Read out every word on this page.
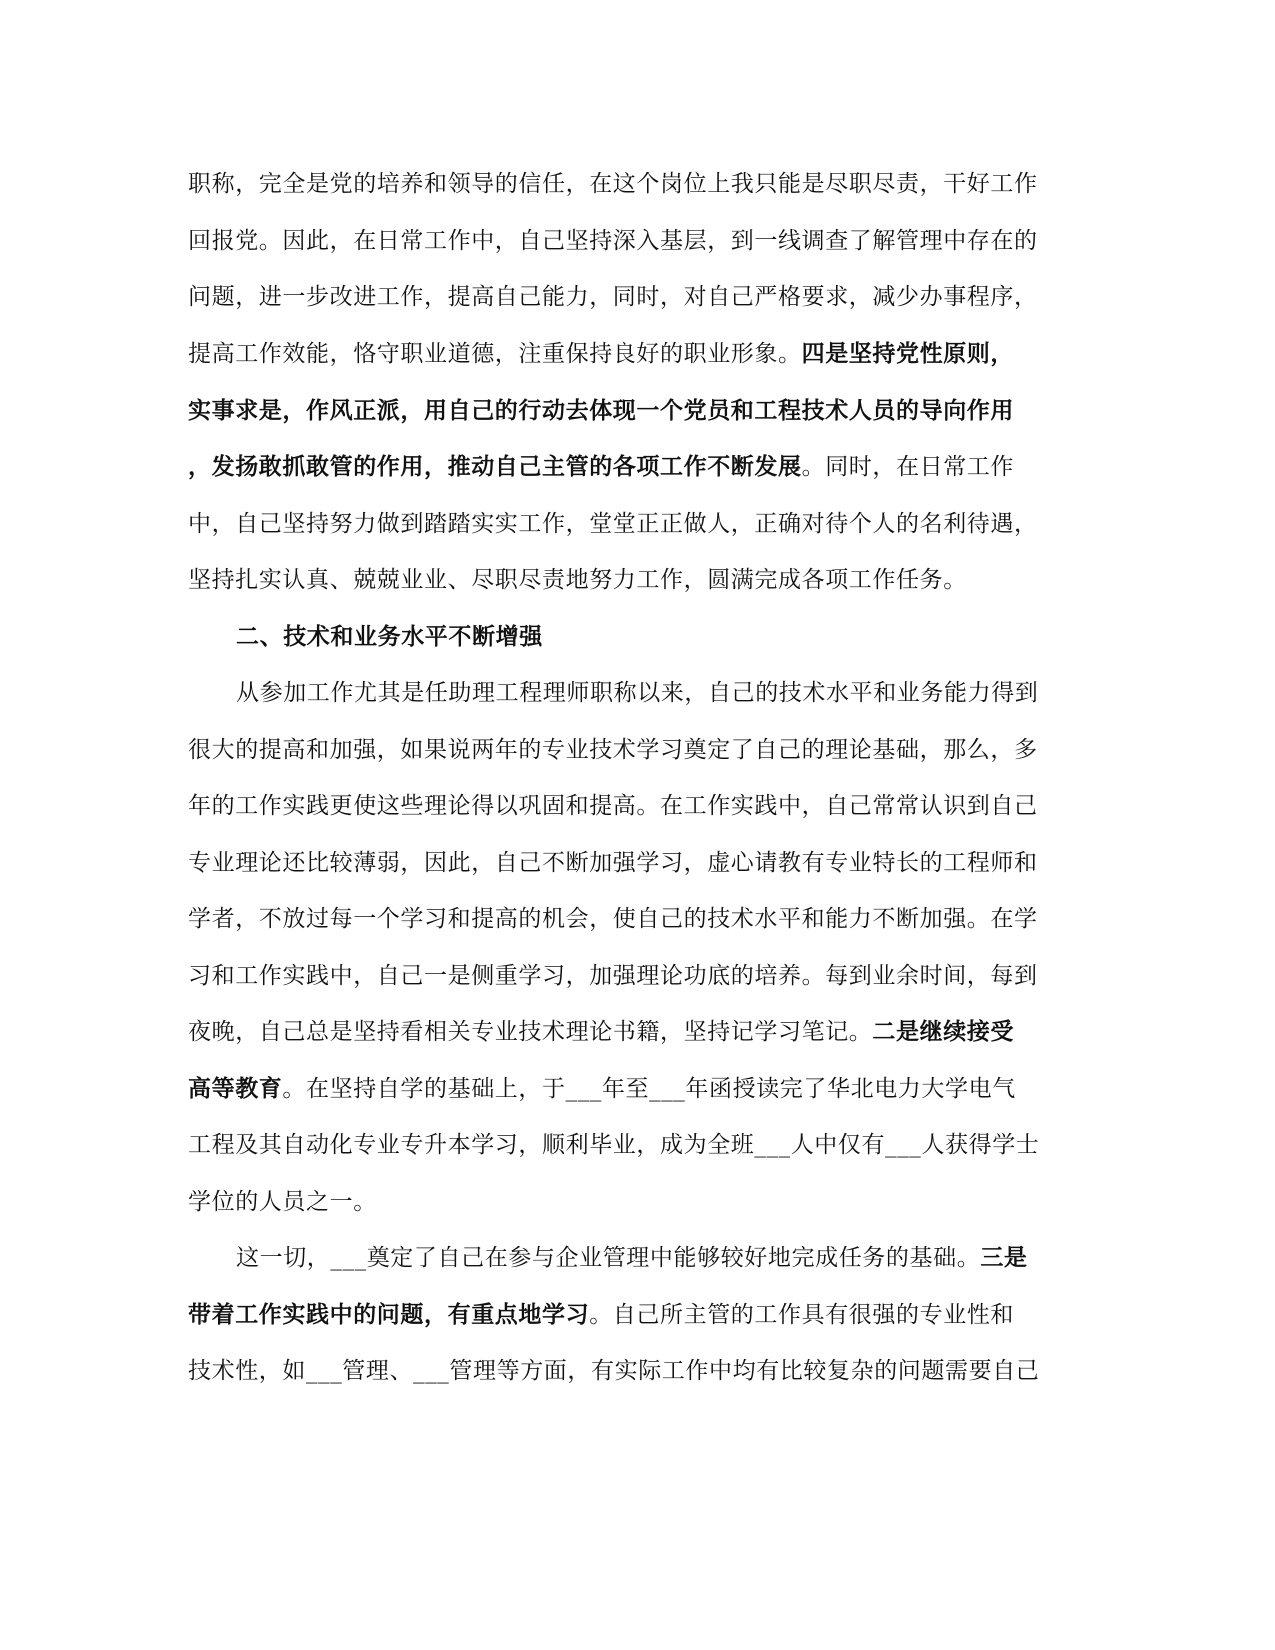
职称，完全是党的培养和领导的信任，在这个岗位上我只能是尽职尽责，干好工作
回报党。因此，在日常工作中，自己坚持深入基层，到一线调查了解管理中存在的
问题，进一步改进工作，提高自己能力，同时，对自己严格要求，减少办事程序，
提高工作效能，恪守职业道德，注重保持良好的职业形象。四是坚持党性原则，
实事求是，作风正派，用自己的行动去体现一个党员和工程技术人员的导向作用
，发扬敢抓敢管的作用，推动自己主管的各项工作不断发展。同时，在日常工作
中，自己坚持努力做到踏踏实实工作，堂堂正正做人，正确对待个人的名利待遇，
坚持扎实认真、兢兢业业、尽职尽责地努力工作，圆满完成各项工作任务。
二、技术和业务水平不断增强
从参加工作尤其是任助理工程理师职称以来，自己的技术水平和业务能力得到
很大的提高和加强，如果说两年的专业技术学习奠定了自己的理论基础，那么，多
年的工作实践更使这些理论得以巩固和提高。在工作实践中，自己常常认识到自己
专业理论还比较薄弱，因此，自己不断加强学习，虚心请教有专业特长的工程师和
学者，不放过每一个学习和提高的机会，使自己的技术水平和能力不断加强。在学
习和工作实践中，自己一是侧重学习，加强理论功底的培养。每到业余时间，每到
夜晚，自己总是坚持看相关专业技术理论书籍，坚持记学习笔记。二是继续接受
高等教育。在坚持自学的基础上，于___年至___年函授读完了华北电力大学电气
工程及其自动化专业专升本学习，顺利毕业，成为全班___人中仅有___人获得学士
学位的人员之一。
这一切，___奠定了自己在参与企业管理中能够较好地完成任务的基础。三是
带着工作实践中的问题，有重点地学习。自己所主管的工作具有很强的专业性和
技术性，如___管理、___管理等方面，有实际工作中均有比较复杂的问题需要自己
